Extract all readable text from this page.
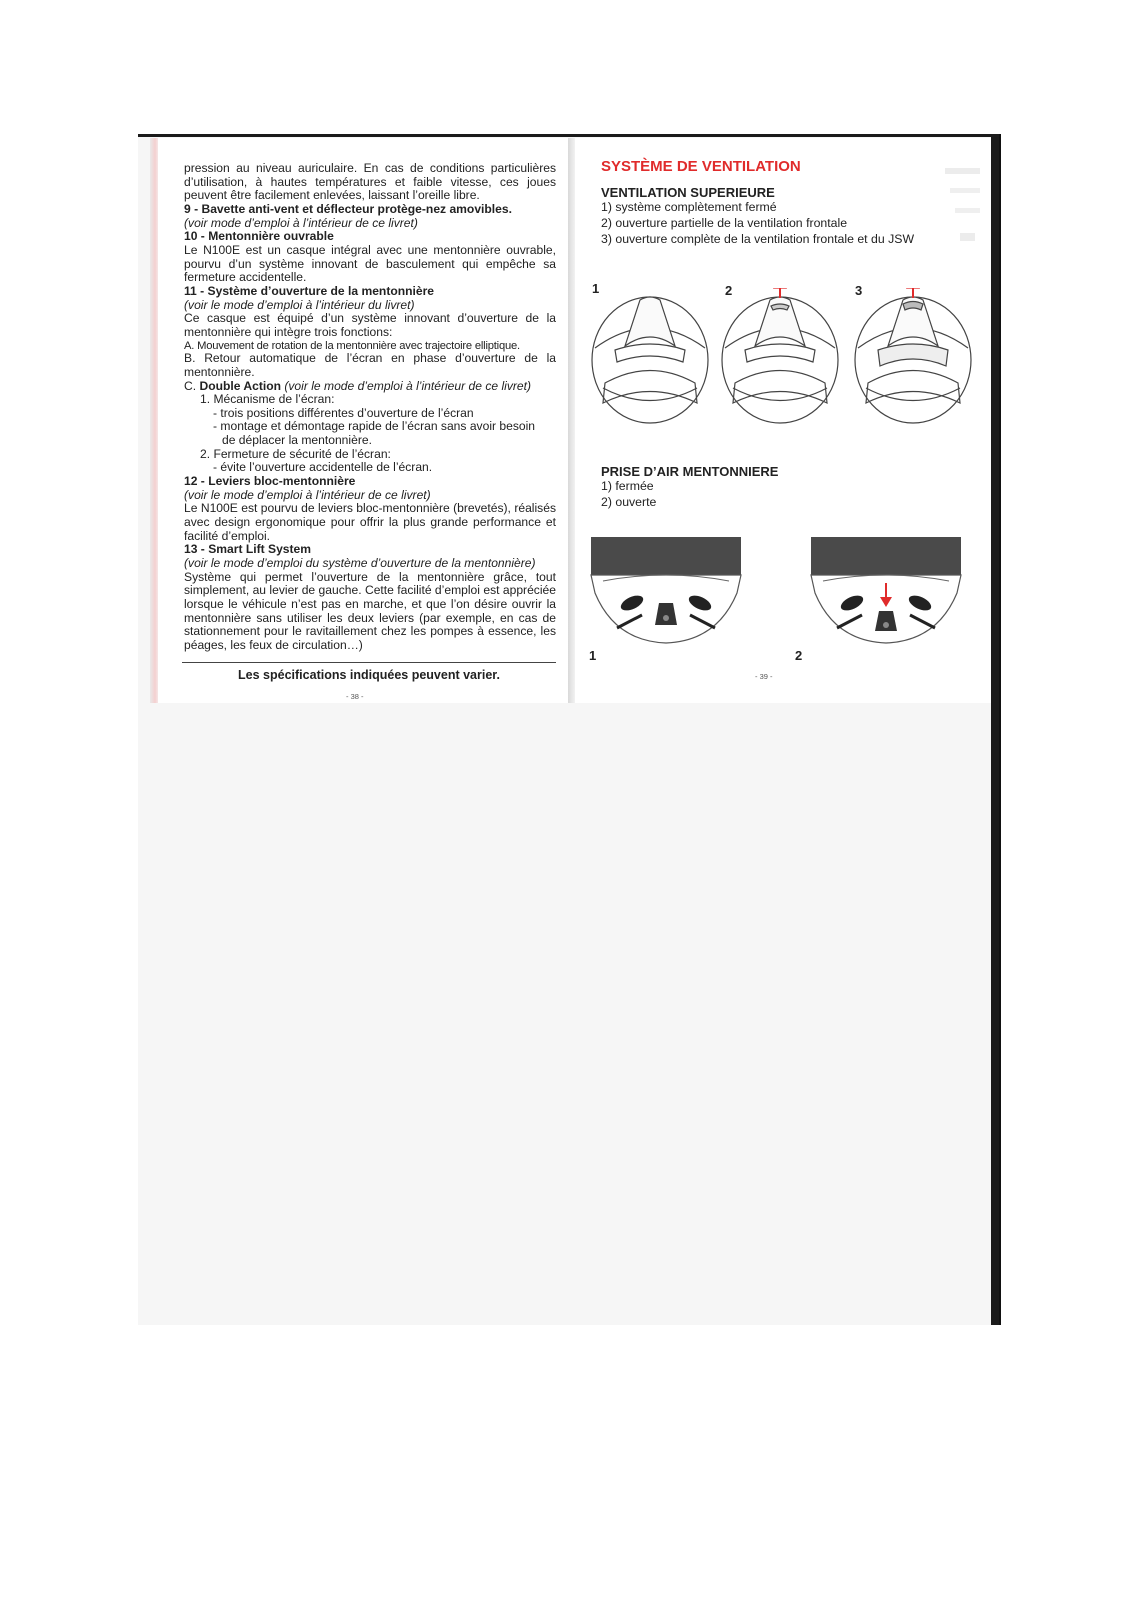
pression au niveau auriculaire. En cas de conditions particulières d’utilisation, à hautes températures et faible vitesse, ces joues peuvent être facilement enlevées, laissant l’oreille libre.

9 - Bavette anti-vent et déflecteur protège-nez amovibles.

(voir mode d’emploi à l’intérieur de ce livret)

10 - Mentonnière ouvrable

Le N100E est un casque intégral avec une mentonnière ouvrable, pourvu d’un système innovant de basculement qui empêche sa fermeture accidentelle.

11 - Système d’ouverture de la mentonnière

(voir le mode d’emploi à l’intérieur du livret)

Ce casque est équipé d’un système innovant d’ouverture de la mentonnière qui intègre trois fonctions:

A. Mouvement de rotation de la mentonnière avec trajectoire elliptique.

B. Retour automatique de l’écran en phase d’ouverture de la mentonnière.

C. Double Action (voir le mode d’emploi à l’intérieur de ce livret)

1. Mécanisme de l’écran:

- trois positions différentes d’ouverture de l’écran

- montage et démontage rapide de l’écran sans avoir besoin

de déplacer la mentonnière.

2. Fermeture de sécurité de l’écran:

- évite l’ouverture accidentelle de l’écran.

12 - Leviers bloc-mentonnière

(voir le mode d’emploi à l’intérieur de ce livret)

Le N100E est pourvu de leviers bloc-mentonnière (brevetés), réalisés avec design ergonomique pour offrir la plus grande performance et facilité d’emploi.

13 - Smart Lift System

(voir le mode d’emploi du système d’ouverture de la mentonnière)

Système qui permet l’ouverture de la mentonnière grâce, tout simplement, au levier de gauche. Cette facilité d’emploi est appréciée lorsque le véhicule n’est pas en marche, et que l’on désire ouvrir la mentonnière sans utiliser les deux leviers (par exemple, en cas de stationnement pour le ravitaillement chez les pompes à essence, les péages, les feux de circulation…)

Les spécifications indiquées peuvent varier.
- 38 -
SYSTÈME DE VENTILATION
VENTILATION SUPERIEURE

1) système complètement fermé

2) ouverture partielle de la ventilation frontale

3) ouverture complète de la ventilation frontale et du JSW

1	2	3
PRISE D’AIR MENTONNIERE

1) fermée

2) ouverte

1	2
- 39 -
